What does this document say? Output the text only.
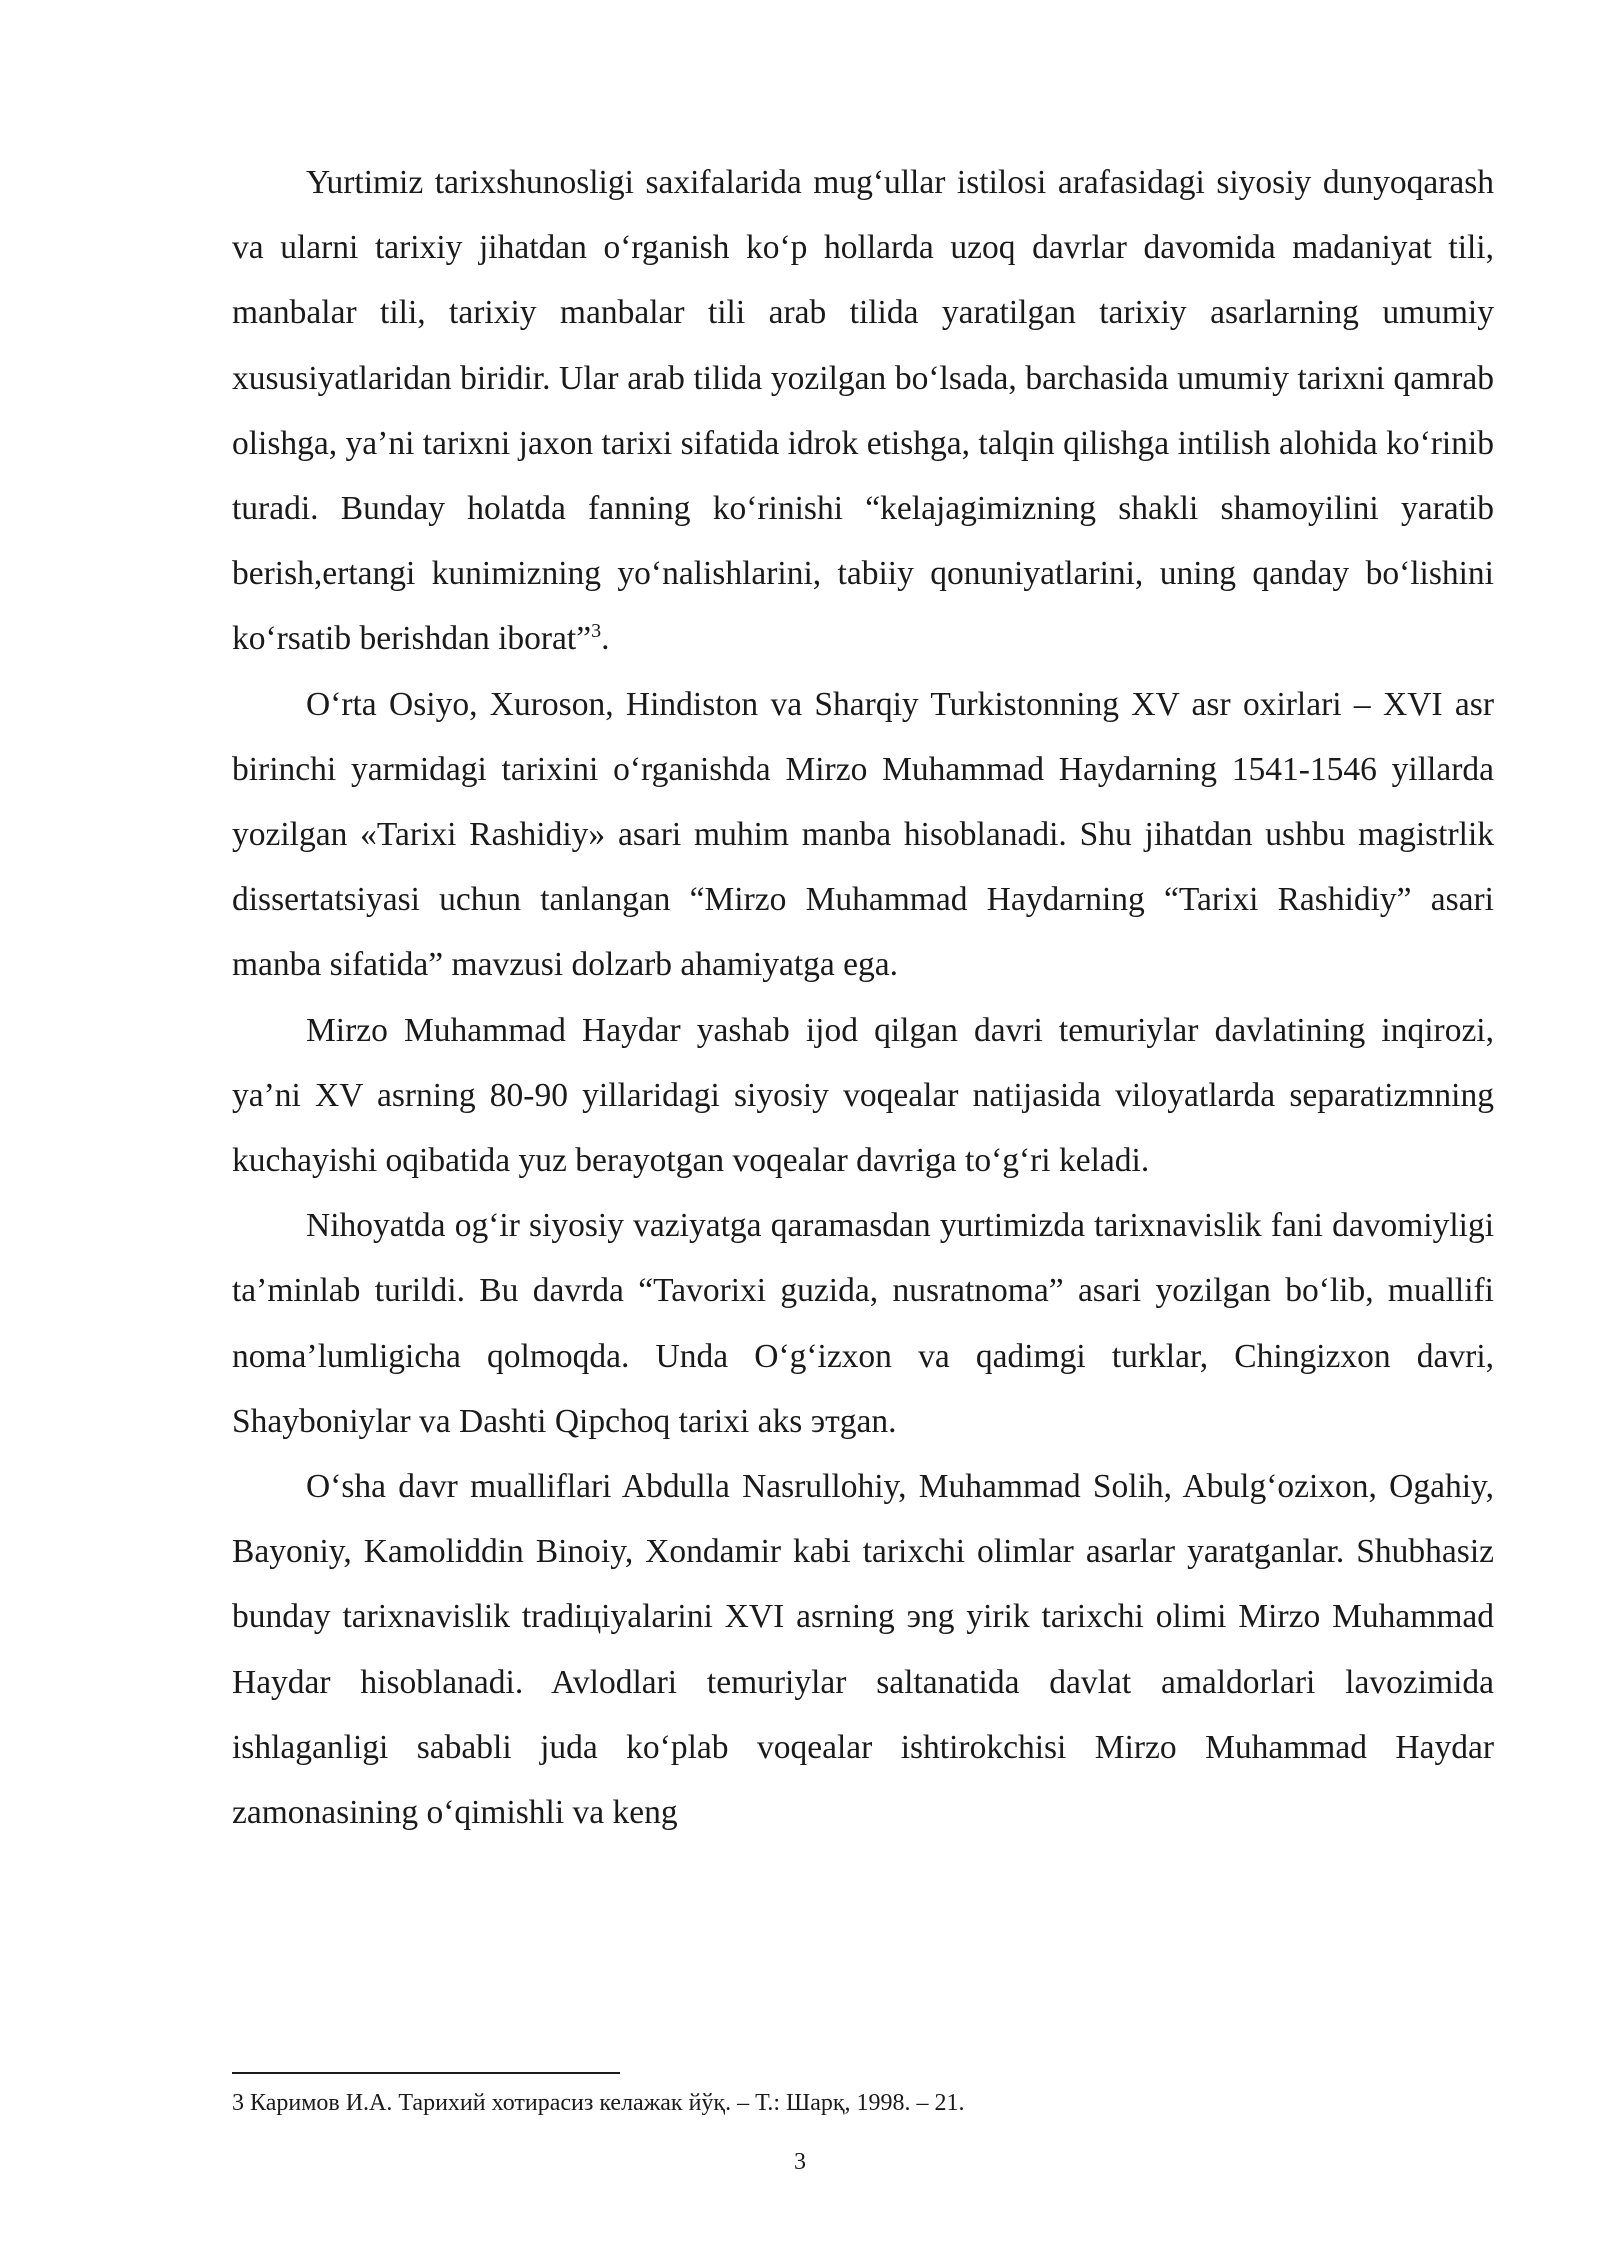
Yurtimiz tarixshunosligi saxifalarida mug‘ullar istilosi arafasidagi siyosiy dunyoqarash va ularni tarixiy jihatdan o‘rganish ko‘p hollarda uzoq davrlar davomida madaniyat tili, manbalar tili, tarixiy manbalar tili arab tilida yaratilgan tarixiy asarlarning umumiy xususiyatlaridan biridir. Ular arab tilida yozilgan bo‘lsada, barchasida umumiy tarixni qamrab olishga, ya’ni tarixni jaxon tarixi sifatida idrok etishga, talqin qilishga intilish alohida ko‘rinib turadi. Bunday holatda fanning ko‘rinishi “kelajagimizning shakli shamoyilini yaratib berish,ertangi kunimizning yo‘nalishlarini, tabiiy qonuniyatlarini, uning qanday bo‘lishini ko‘rsatib berishdan iborat”$^3$.

O‘rta Osiyo, Xuroson, Hindiston va Sharqiy Turkistonning XV asr oxirlari – XVI asr birinchi yarmidagi tarixini o‘rganishda Mirzo Muhammad Haydarning 1541-1546 yillarda yozilgan «Tarixi Rashidiy» asari muhim manba hisoblanadi. Shu jihatdan ushbu magistrlik dissertatsiyasi uchun tanlangan “Mirzo Muhammad Haydarning “Tarixi Rashidiy” asari manba sifatida” mavzusi dolzarb ahamiyatga ega.

Mirzo Muhammad Haydar yashab ijod qilgan davri temuriylar davlatining inqirozi, ya’ni XV asrning 80-90 yillaridagi siyosiy voqealar natijasida viloyatlarda separatizmning kuchayishi oqibatida yuz berayotgan voqealar davriga to‘g‘ri keladi.

Nihoyatda og‘ir siyosiy vaziyatga qaramasdan yurtimizda tarixnavislik fani davomiyligi ta’minlab turildi. Bu davrda “Tavorixi guzida, nusratnoma” asari yozilgan bo‘lib, muallifi noma’lumligicha qolmoqda. Unda O‘g‘izxon va qadimgi turklar, Chingizxon davri, Shayboniylar va Dashti Qipchoq tarixi aks этgan.

O‘sha davr mualliflari Abdulla Nasrullohiy, Muhammad Solih, Abulg‘ozixon, Ogahiy, Bayoniy, Kamoliddin Binoiy, Xondamir kabi tarixchi olimlar asarlar yaratganlar. Shubhasiz bunday tarixnavislik tradiцiyalarini XVI asrning эng yirik tarixchi olimi Mirzo Muhammad Haydar hisoblanadi. Avlodlari temuriylar saltanatida davlat amaldorlari lavozimida ishlaganligi sababli juda ko‘plab voqealar ishtirokchisi Mirzo Muhammad Haydar zamonasining o‘qimishli va keng

3 Каримов И.А. Тарихий хотирасиз келажак йўқ. – Т.: Шарқ, 1998. – 21.
3
